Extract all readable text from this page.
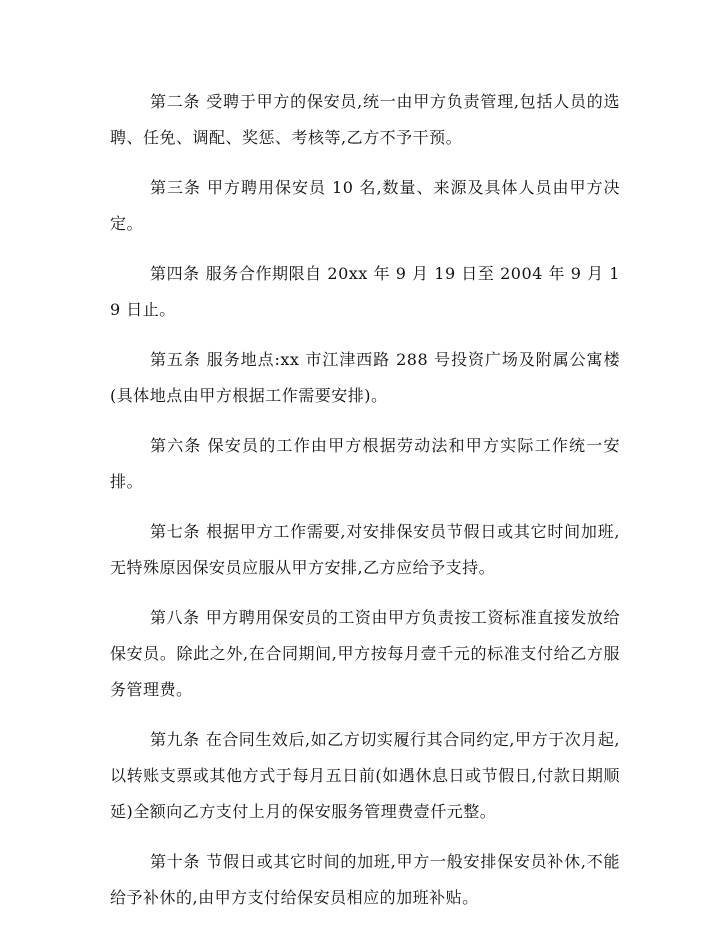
第二条 受聘于甲方的保安员,统一由甲方负责管理,包括人员的选聘、任免、调配、奖惩、考核等,乙方不予干预。

第三条 甲方聘用保安员 10 名,数量、来源及具体人员由甲方决定。

第四条 服务合作期限自 20xx 年 9 月 19 日至 2004 年 9 月 19 日止。

第五条 服务地点:xx 市江津西路 288 号投资广场及附属公寓楼(具体地点由甲方根据工作需要安排)。

第六条 保安员的工作由甲方根据劳动法和甲方实际工作统一安排。

第七条 根据甲方工作需要,对安排保安员节假日或其它时间加班,无特殊原因保安员应服从甲方安排,乙方应给予支持。

第八条 甲方聘用保安员的工资由甲方负责按工资标准直接发放给保安员。除此之外,在合同期间,甲方按每月壹千元的标准支付给乙方服务管理费。

第九条 在合同生效后,如乙方切实履行其合同约定,甲方于次月起,以转账支票或其他方式于每月五日前(如遇休息日或节假日,付款日期顺延)全额向乙方支付上月的保安服务管理费壹仟元整。

第十条 节假日或其它时间的加班,甲方一般安排保安员补休,不能给予补休的,由甲方支付给保安员相应的加班补贴。
